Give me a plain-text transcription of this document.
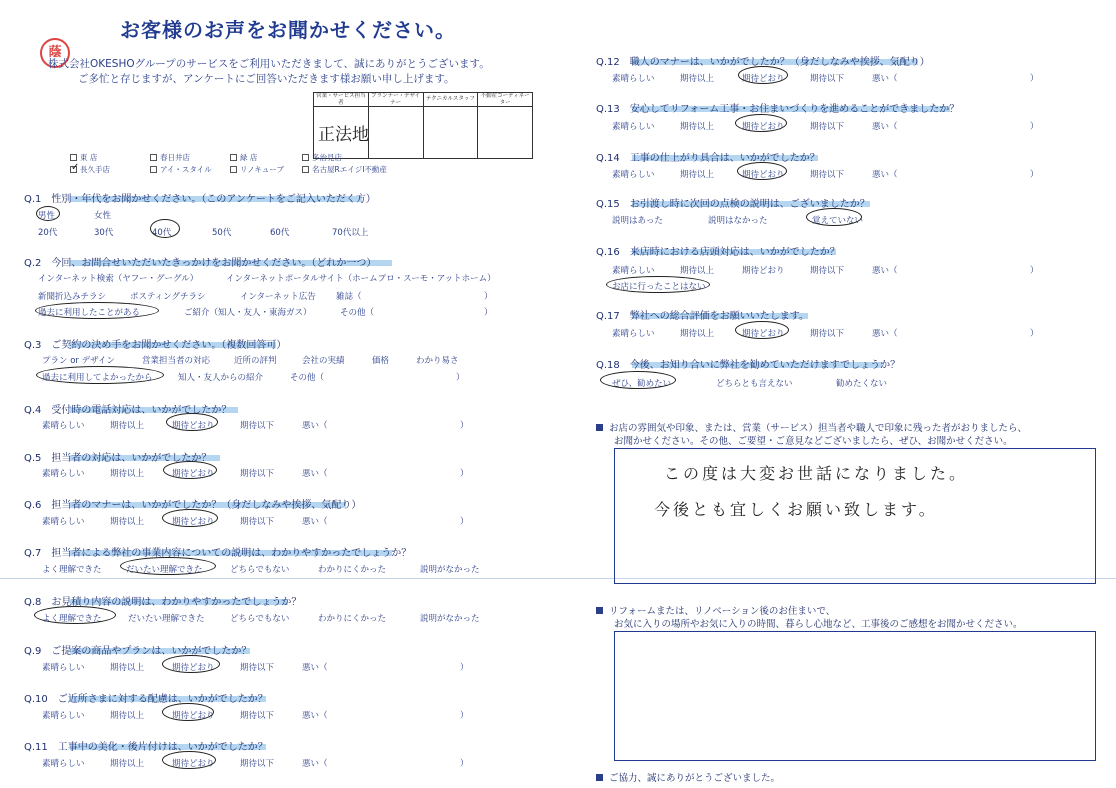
蔭
お客様のお声をお聞かせください。
株式会社OKESHOグループのサービスをご利用いただきまして、誠にありがとうございます。
ご多忙と存じますが、アンケートにご回答いただきます様お願い申し上げます。
営業・サービス担当者	プランナー・デザイナー	テクニカルスタッフ	不動産コーディネーター

正法地
東 店	春日井店	緑 店	多治見店
✓ 長久手店	アイ・スタイル	リノキューブ	名古屋RエイジI不動産
Q.1　 性別・年代をお聞かせください。（このアンケートをご記入いただく方）
男性	女性
20代	30代	40代	50代	60代	70代以上
Q.2　 今回、お問合せいただいたきっかけをお聞かせください。（どれか一つ）
インターネット検索（ヤフー・グーグル）	インターネットポータルサイト（ホームプロ・スーモ・アットホーム）
新聞折込みチラシ	ポスティングチラシ	インターネット広告 雑誌（	）
過去に利用したことがある	ご紹介（知人・友人・東海ガス）	その他（	）
Q.3　 ご契約の決め手をお聞かせください。（複数回答可）
プラン or デザイン	営業担当者の対応	近所の評判	会社の実績	価格	わかり易さ
過去に利用してよかったから	知人・友人からの紹介	その他（	）
Q.4　 受付時の電話対応は、いかがでしたか？
素晴らしい	期待以上	期待どおり	期待以下	悪い（	）
Q.5　 担当者の対応は、いかがでしたか？
素晴らしい	期待以上	期待どおり	期待以下	悪い（	）
Q.6　 担当者のマナーは、いかがでしたか？（身だしなみや挨拶、気配り）
素晴らしい	期待以上	期待どおり	期待以下	悪い（	）
Q.7　 担当者による弊社の事業内容についての説明は、わかりやすかったでしょうか？
よく理解できた	だいたい理解できた	どちらでもない	わかりにくかった	説明がなかった
Q.8　 お見積り内容の説明は、わかりやすかったでしょうか？
よく理解できた	だいたい理解できた	どちらでもない	わかりにくかった	説明がなかった
Q.9　 ご提案の商品やプランは、いかがでしたか？
素晴らしい	期待以上	期待どおり	期待以下	悪い（	）
Q.10　 ご近所さまに対する配慮は、いかがでしたか？
素晴らしい	期待以上	期待どおり	期待以下	悪い（	）
Q.11　 工事中の美化・後片付けは、いかがでしたか？
素晴らしい	期待以上	期待どおり	期待以下	悪い（	）
Q.12　 職人のマナーは、いかがでしたか？（身だしなみや挨拶、気配り）
素晴らしい	期待以上	期待どおり	期待以下	悪い（	）
Q.13　 安心してリフォーム工事・お住まいづくりを進めることができましたか？
素晴らしい	期待以上	期待どおり	期待以下	悪い（	）
Q.14　 工事の仕上がり具合は、いかがでしたか？
素晴らしい	期待以上	期待どおり	期待以下	悪い（	）
Q.15　 お引渡し時に次回の点検の説明は、ございましたか？
説明はあった	説明はなかった	覚えていない
Q.16　 来店時における店頭対応は、いかがでしたか？
素晴らしい	期待以上	期待どおり	期待以下	悪い（	）
お店に行ったことはない
Q.17　 弊社への総合評価をお願いいたします。
素晴らしい	期待以上	期待どおり	期待以下	悪い（	）
Q.18　 今後、お知り合いに弊社を勧めていただけますでしょうか？
ぜひ、勧めたい	どちらとも言えない	勧めたくない
お店の雰囲気や印象、または、営業（サービス）担当者や職人で印象に残った者がおりましたら、
お聞かせください。その他、ご要望・ご意見などございましたら、ぜひ、お聞かせください。
この度は大変お世話になりました。
今後とも宜しくお願い致します。
リフォームまたは、リノベーション後のお住まいで、
お気に入りの場所やお気に入りの時間、暮らし心地など、工事後のご感想をお聞かせください。
ご協力、誠にありがとうございました。
